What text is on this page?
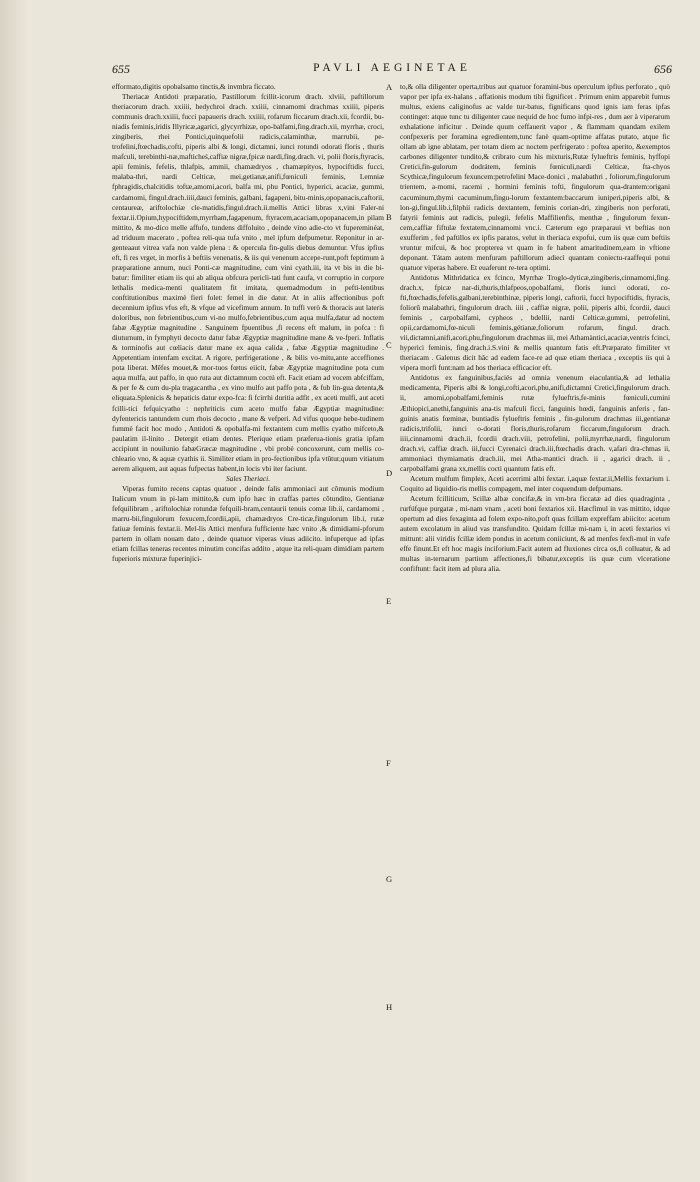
655	PAVLI AEGINETAE	656

efformato,digitis opobalsamo tinctis,& invmbra ficcato.

Theriacæ Antidoti præparatio, Pastillorum fcillit-icorum drach. xlviii, paftillorum theriacorum drach. xxiiii, hedychroi drach. xxiiii, cinnamomi drachmas xxiiii, piperis communis drach.xxiiii, fucci papaueris drach. xxiiii, rofarum ficcarum drach.xii, fcordii, bu-niadis feminis,iridis Illyricæ,agarici, glycyrrhizæ, opo-balfami,fing.drach.xii, myrrhæ, croci, zingiberis, rhei Pontici,quinquefolii radicis,calaminthæ, marrubii, pe-trofelini,ftœchadis,cofti, piperis albi & longi, dictamni, iunci rotundi odorati floris , thuris mafculi, terebinthi-næ,mafticheś,caffiæ nigræ,fpicæ nardi,fing.drach. vi, polii floris,ftyracis, apii feminis, fefelis, thlafpis, ammii, chamædryos , chamæpityos, hypociftidis fucci, malaba-thri, nardi Celticæ, mei,getianæ,anifi,fœniculi feminis, Lemniæ fphragidis,chalcitidis toftæ,amomi,acori, balfa mi, phu Pontici, hyperici, acaciæ, gummi, cardamomi, fingul.drach.iiii,dauci feminis, galbani, fagapeni, bitu-minis,opopanacis,caftorii, centaureæ, ariftolochiæ cle-matidis,fingul.drach.ii.mellis Attici libras x,vini Faler-ni fextar.ii.Opium,hypociftidem,myrrham,fagapenum, ftyracem,acaciam,opopanacem,in pilam mittito, & mo-dico melle affufo, tundens diffoluito , deinde vino adie-cto vt fupereminéat, ad triduum macerato , poftea reli-qua tufa vnito , mel ipfum defpumetur. Reponitur in ar-genteaaut vitrea vafa non valde plena : & opercula fin-gulis diebus demuntur. Vfus ipfius eft, fi res vrget, in morfis à beftiis venenatis, & iis qui venenum accepe-runt,poft feptimum à præparatione annum, nuci Ponti-cæ magnitudine, cum vini cyath.iii, ita vt bis in die bi-batur: fimiliter etiam iis qui ab aliqua obfcura pericli-tati funt caufa, vt corruptio in corpore lethalis medica-menti qualitatem fit imitata, quemadmodum in pefti-lentibus conftitutionibus maximè fieri folet: femel in die datur. At in aliis affectionibus poft decennium ipfius vfus eft, & vfque ad vicefimum annum. In tuffi verò & thoracis aut lateris doloribus, non febrientibus,cum vi-no mulfo,febrientibus,cum aqua mulfa,datur ad noctem fabæ Ægyptiæ magnitudine . Sanguinem fpuentibus ,fi recens eft malum, in pofca : fi diuturnum, in fymphyti decocto datur fabæ Ægyptiæ magnitudine mane & ve-fperi. Inflatis & torminofis aut cœliacis datur mane ex aqua calida , fabæ Ægyptiæ magnitudine . Appetentiam intenfam excitat. A rigore, perfrigeratione , & bilis vo-mitu,ante acceffiones pota liberat. Mêfes mouet,& mor-tuos fœtus eiicit, fabæ Ægyptiæ magnitudine pota cum aqua mulfa, aut paffo, in quo ruta aut dictamnum coctú eft. Facit etiam ad vocem abfciffam, & per fe & cum du-pla tragacantha , ex vino mulfo aut paffo pota , & fub lin-gua detenta,& eliquata.Splenicis & hepaticis datur expo-fca: fi fcirrhi duritia adfit , ex aceti mulfi, aut aceti fcilli-tici fefquicyatho : nephriticis cum aceto mulfo fabæ Ægyptiæ magnitudine: dyfentericis tantundem cum rhois decocto , mane & vefperi. Ad vifus quoque hebe-tudinem fummè facit hoc modo , Antidoti & opobalfa-mi fextantem cum mellis cyatho mifceto,& paulatim il-linito . Detergit etiam dentes. Plerique etiam præferua-tionis gratia ipfam accipiunt in nouilunio fabæGræcæ magnitudine , vbi probè concoxerunt, cum mellis co-chleario vno, & aquæ cyathis ii. Similiter etiam in pro-fectionibus ipfa vtûtur,quum vitiatum aerem aliquem, aut aquas fufpectas habent,in locis vbi iter faciunt.

Sales Theriaci.

Viperas fumito recens captas quatuor , deinde falis ammoniaci aut cõmunis modium Italicum vnum in pi-lam mittito,& cum ipfo hæc in craffas partes cõtundito, Gentianæ fefquilibram , ariftolochiæ rotundæ fefquili-bram,centaurii tenuis comæ lib.ii, cardamomi , marru-bii,fingulorum fexucem,fcordii,apii, chamædryos Cre-ticæ,fingulorum lib.i, rutæ fatiuæ feminis fextar.ii. Mel-lis Attici menfura fufficiente hæc vnito ,& dimidiami-pforum partem in ollam nouam dato , deinde quatuor viperas viuas adiicito. infuperque ad ipfas etiam fcillas teneras recentes minutim concifas addito , atque ita reli-quam dimidiam partem fuperioris mixturæ fuperinjici-

A
B
C
D
E
F
G
H

to,& olla diligenter operta,tribus aut quatuor foramini-bus operculum ipfius perforato , quò vapor per ipfa ex-halans , affationis modum tibi fignificet . Primum enim apparebit fumus multus, exiens caliginofus ac valde tur-batus, fignificans quod ignis iam feras ipfas continget: atque tunc tu diligenter caue nequid de hoc fumo infpi-res , dum aer à viperarum exhalatione inficitur . Deinde quum ceffauerit vapor , & flammam quandam exilem confpexeris per foramina egredientem,tunc fanè quam-optime affatas putato, atque fic ollam ab igne ablatam, per totam diem ac noctem perfrigerato : poftea aperito, &exemptos carbones diligenter tundito,& cribrato cum his mixturis,Rutæ fylueftris feminis, hyffopi Cretici,fin-gulorum dodrátem, feminis fœniculi,nardi Celticæ, fta-chyos Scythicæ,fingulorum fexuncem:petrofelini Mace-donici , malabathri , foliorum,fingulorum trientem, a-momi, racemi , hormini feminis tofti, fingulorum qua-drantem:origani cacuminum,thymi cacuminum,fingu-lorum fextantem:baccarum iuniperi,piperis albi, & lon-gi,fingul.lib.i,filphii radicis dextantem, feminis corian-dri, zingiberis non perforati, fatyrii feminis aut radicis, pulegii, fefelis Maffilienfis, menthæ , fingulorum fexun-cem,caffiæ fiftulæ fextatem,cinnamomi vnc.i. Cæterum ego præparaui vt beftias non exufferim , fed paftillos ex ipfis paratos, velut in theriaca expofui, cum iis quæ cum beftiis vruntur mifcui, & hoc propterea vt quam in fe habent amaritudinem,eam in vftione deponant. Tátam autem menfuram paftillorum adiecì quantam coniectu-raaffequi potui quatuor viperas habere. Et euaferunt re-tera optimi.

Antidotus Mithridatica ex fcinco, Myrrhæ Troglo-dyticæ,zingiberis,cinnamomi,fing. drach.x, fpicæ nar-di,thuris,thlafpeos,opobalfami, floris iunci odorati, co-fti,ftœchadis,fefelis,galbani,terebinthinæ, piperis longi, caftorii, fucci hypociftidis, ftyracis, foliorũ malabathri, fingulorum drach. iiii , caffiæ nigræ, polii, piperis albi, fcordii, dauci feminis , carpobalfami, cypheos , bdellii, nardi Celticæ,gummi, petrofelini, opii,cardamomi,fœ-niculi feminis,gétianæ,foliorum rofarum, fingul. drach. vii,dictamni,anifi,acori,phu,fingulorum drachmas iii, mei Athamàntici,acaciæ,ventris fcinci, hyperici feminis, fing.drach.i.S.vini & mellis quantum fatis eft.Præparato fimiliter vt theriacam . Galenus dicit hâc ad eadem face-re ad quæ etiam theriaca , exceptis iis qui à vipera morfi funt:nam ad hos theriaca efficacior eft.

Antidotus ex fanguinibus,faciés ad omnia venenum eiaculantia,& ad lethalia medicamenta, Piperis albi & longi,cofti,acori,phu,anifi,dictamni Cretici,fingulorum drach. ii, amomi,opobalfami,feminis rutæ fylueftris,fe-minis fœniculi,cumini Æthiopici,anethi,fanguinis ana-tis mafculi ficci, fanguinis hœdi, fanguinis anferis , fan-guinis anatis fœminæ, buntiadis fylueftris feminis , fin-gulorum drachmas iii,gentianæ radicis,trifolii, iunci o-dorati floris,thuris,rofarum ficcarum,fingulorum drach. iiii,cinnamomi drach.ii, fcordii drach.viii, petrofelini, polii,myrrhæ,nardi, fingulorum drach.vi, caffiæ drach. iii,fucci Cyrenaici drach.iii,ftœchadis drach. v,afari dra-chmas ii, ammoniaci thymiamatis drach.iii, mei Atha-mantici drach. ii , agarici drach. ii , carpobalfami grana xx,mellis cocti quantum fatis eft.

Acetum mulfum fimplex, Aceti acerrimi albi fextar. i,aquæ fextar.ii,Mellis fextarium i. Coquito ad liquidio-ris mellis compagem, mel inter coquendum defpumans.

Acetum fcilliticum, Scillæ albæ concifæ,& in vm-bra ficcatæ ad dies quadraginta , rurfúfque purgatæ , mi-nam vnam , aceti boni fextarios xii. Hæcfimul in vas mittito, idque opertum ad dies fexaginta ad folem expo-nito,poft quas fcillam expreffam abiicito: acetum autem excolatum in aliud vas transfundito. Quidam fcillæ mi-nam i, in aceti fextarios vi mittunt: alii viridis fcillæ idem pondus in acetum coniiciunt, & ad menfes fexfi-mul in vafe effe finunt.Et eft hoc magis inciforium.Facit autem ad fluxiones circa os,fi colluatur, & ad multas in-ternarum partium affectiones,fi bibatur,exceptis iis quæ cum vlceratione confiftunt: facit item ad plura alia.
